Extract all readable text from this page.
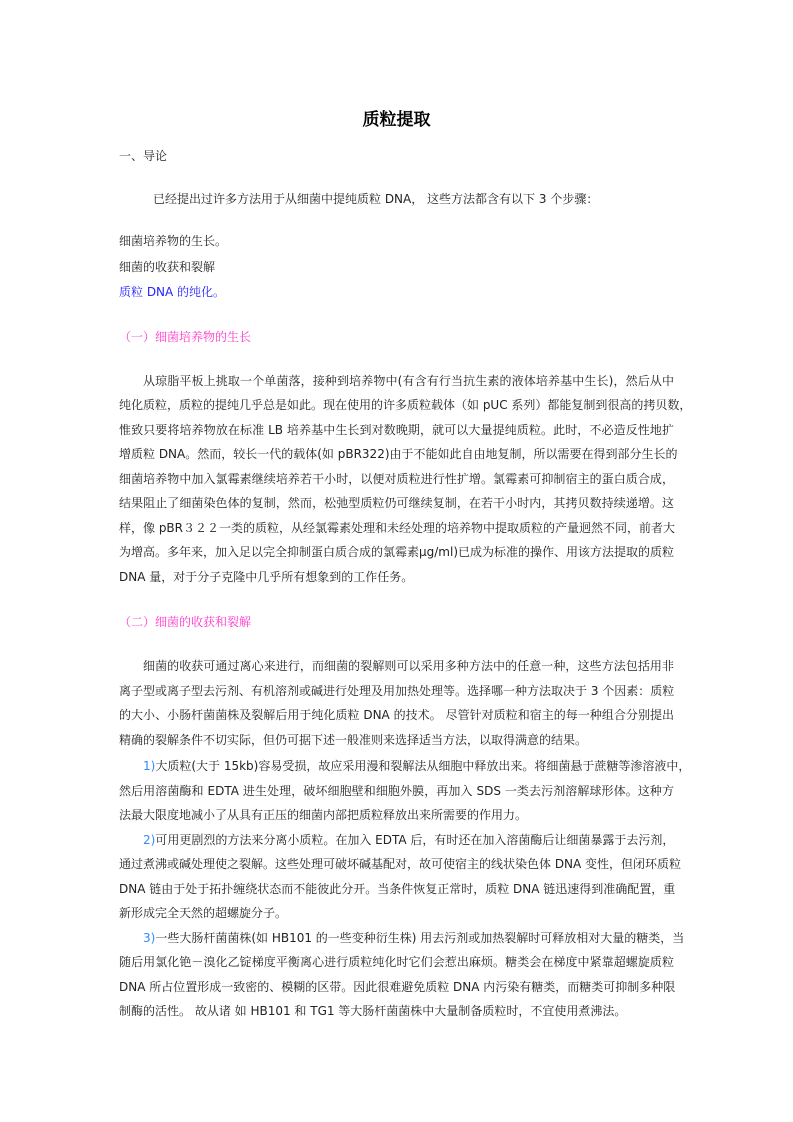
质粒提取
一、导论
已经提出过许多方法用于从细菌中提纯质粒 DNA， 这些方法都含有以下 3 个步骤：
细菌培养物的生长。
细菌的收获和裂解
质粒 DNA 的纯化。
（一）细菌培养物的生长
从琼脂平板上挑取一个单菌落，接种到培养物中(有含有行当抗生素的液体培养基中生长)，然后从中
纯化质粒，质粒的提纯几乎总是如此。现在使用的许多质粒载体（如 pUC 系列）都能复制到很高的拷贝数，
惟致只要将培养物放在标准 LB 培养基中生长到对数晚期，就可以大量提纯质粒。此时，不必造反性地扩
增质粒 DNA。然而，较长一代的载体(如 pBR322)由于不能如此自由地复制，所以需要在得到部分生长的
细菌培养物中加入氯霉素继续培养若干小时，以便对质粒进行性扩增。氯霉素可抑制宿主的蛋白质合成，
结果阻止了细菌染色体的复制，然而，松弛型质粒仍可继续复制，在若干小时内，其拷贝数持续递增。这
样，像 pBR３２２一类的质粒，从经氯霉素处理和未经处理的培养物中提取质粒的产量迥然不同，前者大
为增高。多年来，加入足以完全抑制蛋白质合成的氯霉素μg/ml)已成为标准的操作、用该方法提取的质粒
DNA 量，对于分子克隆中几乎所有想象到的工作任务。
（二）细菌的收获和裂解
细菌的收获可通过离心来进行，而细菌的裂解则可以采用多种方法中的任意一种，这些方法包括用非
离子型或离子型去污剂、有机溶剂或碱进行处理及用加热处理等。选择哪一种方法取决于 3 个因素：质粒
的大小、小肠杆菌菌株及裂解后用于纯化质粒 DNA 的技术。 尽管针对质粒和宿主的每一种组合分别提出
精确的裂解条件不切实际，但仍可据下述一般准则来选择适当方法，以取得满意的结果。
1)大质粒(大于 15kb)容易受损，故应采用漫和裂解法从细胞中释放出来。将细菌悬于蔗糖等渗溶液中，
然后用溶菌酶和 EDTA 进生处理，破坏细胞壁和细胞外膜，再加入 SDS 一类去污剂溶解球形体。这种方
法最大限度地减小了从具有正压的细菌内部把质粒释放出来所需要的作用力。
2)可用更剧烈的方法来分离小质粒。在加入 EDTA 后，有时还在加入溶菌酶后让细菌暴露于去污剂，
通过煮沸或碱处理使之裂解。这些处理可破坏碱基配对，故可使宿主的线状染色体 DNA 变性，但闭环质粒
DNA 链由于处于拓扑缠绕状态而不能彼此分开。当条件恢复正常时，质粒 DNA 链迅速得到准确配置，重
新形成完全天然的超螺旋分子。
3)一些大肠杆菌菌株(如 HB101 的一些变种衍生株) 用去污剂或加热裂解时可释放相对大量的糖类，当
随后用氯化铯－溴化乙锭梯度平衡离心进行质粒纯化时它们会惹出麻烦。糖类会在梯度中紧靠超螺旋质粒
DNA 所占位置形成一致密的、模糊的区带。因此很难避免质粒 DNA 内污染有糖类，而糖类可抑制多种限
制酶的活性。 故从诸 如 HB101 和 TG1 等大肠杆菌菌株中大量制备质粒时，不宜使用煮沸法。
